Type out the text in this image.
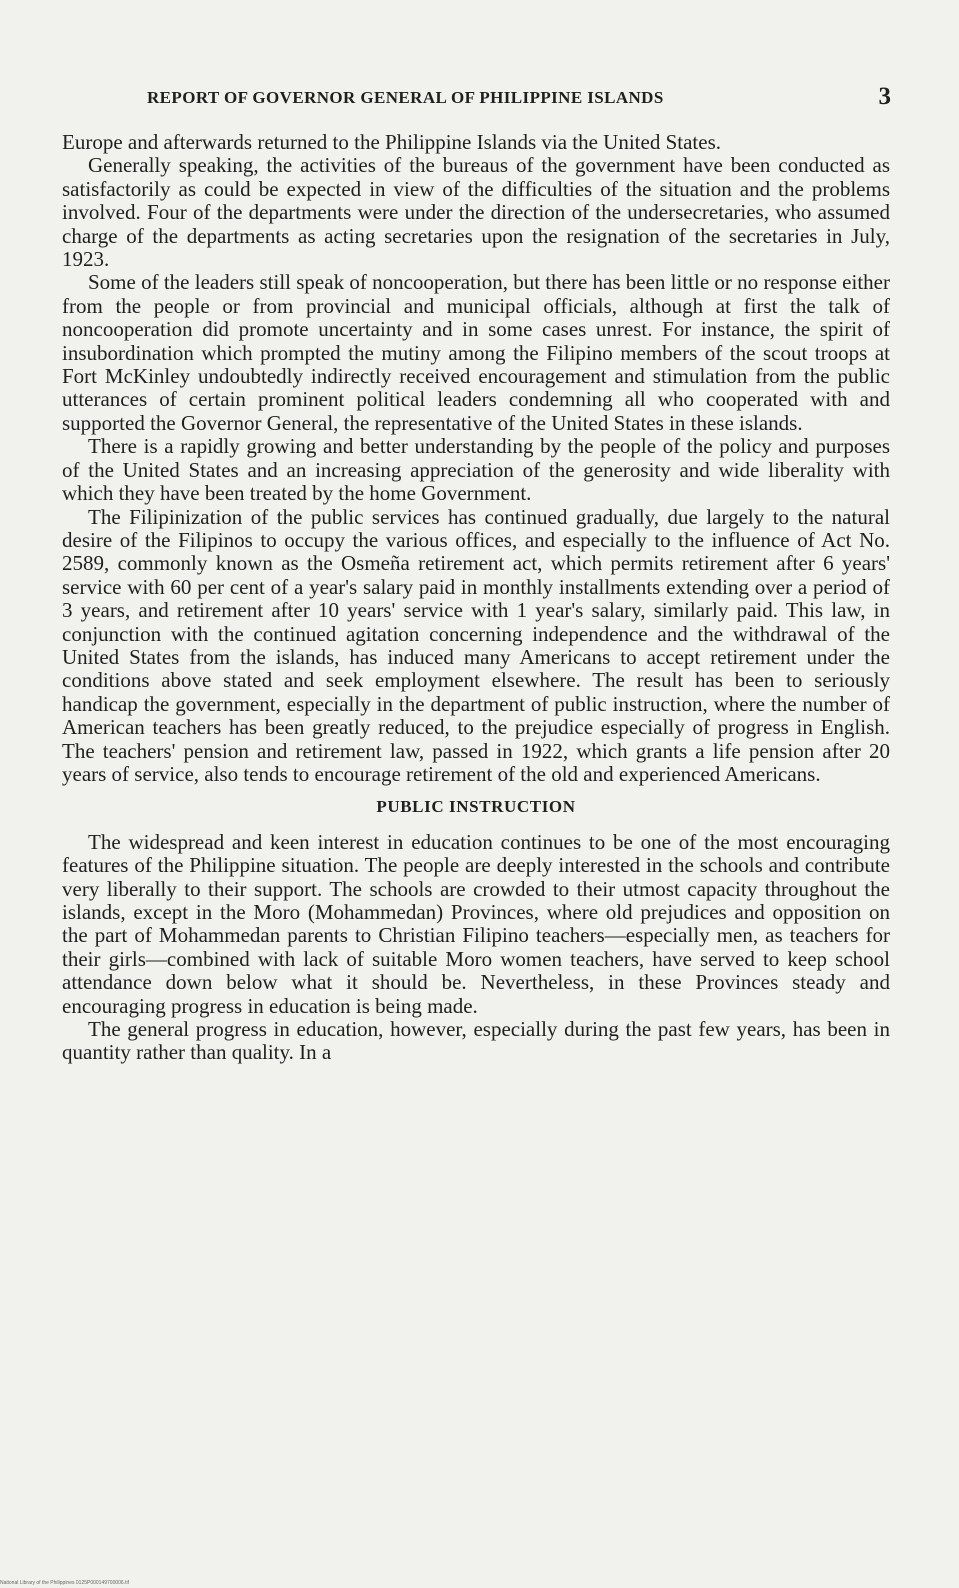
REPORT OF GOVERNOR GENERAL OF PHILIPPINE ISLANDS	3

Europe and afterwards returned to the Philippine Islands via the United States.

Generally speaking, the activities of the bureaus of the government have been conducted as satisfactorily as could be expected in view of the difficulties of the situation and the problems involved. Four of the departments were under the direction of the undersecretaries, who assumed charge of the departments as acting secretaries upon the resignation of the secretaries in July, 1923.

Some of the leaders still speak of noncooperation, but there has been little or no response either from the people or from provincial and municipal officials, although at first the talk of noncooperation did promote uncertainty and in some cases unrest. For instance, the spirit of insubordination which prompted the mutiny among the Filipino members of the scout troops at Fort McKinley undoubtedly indirectly received encouragement and stimulation from the public utterances of certain prominent political leaders condemning all who cooperated with and supported the Governor General, the representative of the United States in these islands.

There is a rapidly growing and better understanding by the people of the policy and purposes of the United States and an increasing appreciation of the generosity and wide liberality with which they have been treated by the home Government.

The Filipinization of the public services has continued gradually, due largely to the natural desire of the Filipinos to occupy the various offices, and especially to the influence of Act No. 2589, commonly known as the Osmeña retirement act, which permits retirement after 6 years' service with 60 per cent of a year's salary paid in monthly installments extending over a period of 3 years, and retirement after 10 years' service with 1 year's salary, similarly paid. This law, in conjunction with the continued agitation concerning independence and the withdrawal of the United States from the islands, has induced many Americans to accept retirement under the conditions above stated and seek employment elsewhere. The result has been to seriously handicap the government, especially in the department of public instruction, where the number of American teachers has been greatly reduced, to the prejudice especially of progress in English. The teachers' pension and retirement law, passed in 1922, which grants a life pension after 20 years of service, also tends to encourage retirement of the old and experienced Americans.

PUBLIC INSTRUCTION

The widespread and keen interest in education continues to be one of the most encouraging features of the Philippine situation. The people are deeply interested in the schools and contribute very liberally to their support. The schools are crowded to their utmost capacity throughout the islands, except in the Moro (Mohammedan) Provinces, where old prejudices and opposition on the part of Mohammedan parents to Christian Filipino teachers—especially men, as teachers for their girls—combined with lack of suitable Moro women teachers, have served to keep school attendance down below what it should be. Nevertheless, in these Provinces steady and encouraging progress in education is being made.

The general progress in education, however, especially during the past few years, has been in quantity rather than quality. In a

National Library of the Philippines 0125P000149700006.tif
